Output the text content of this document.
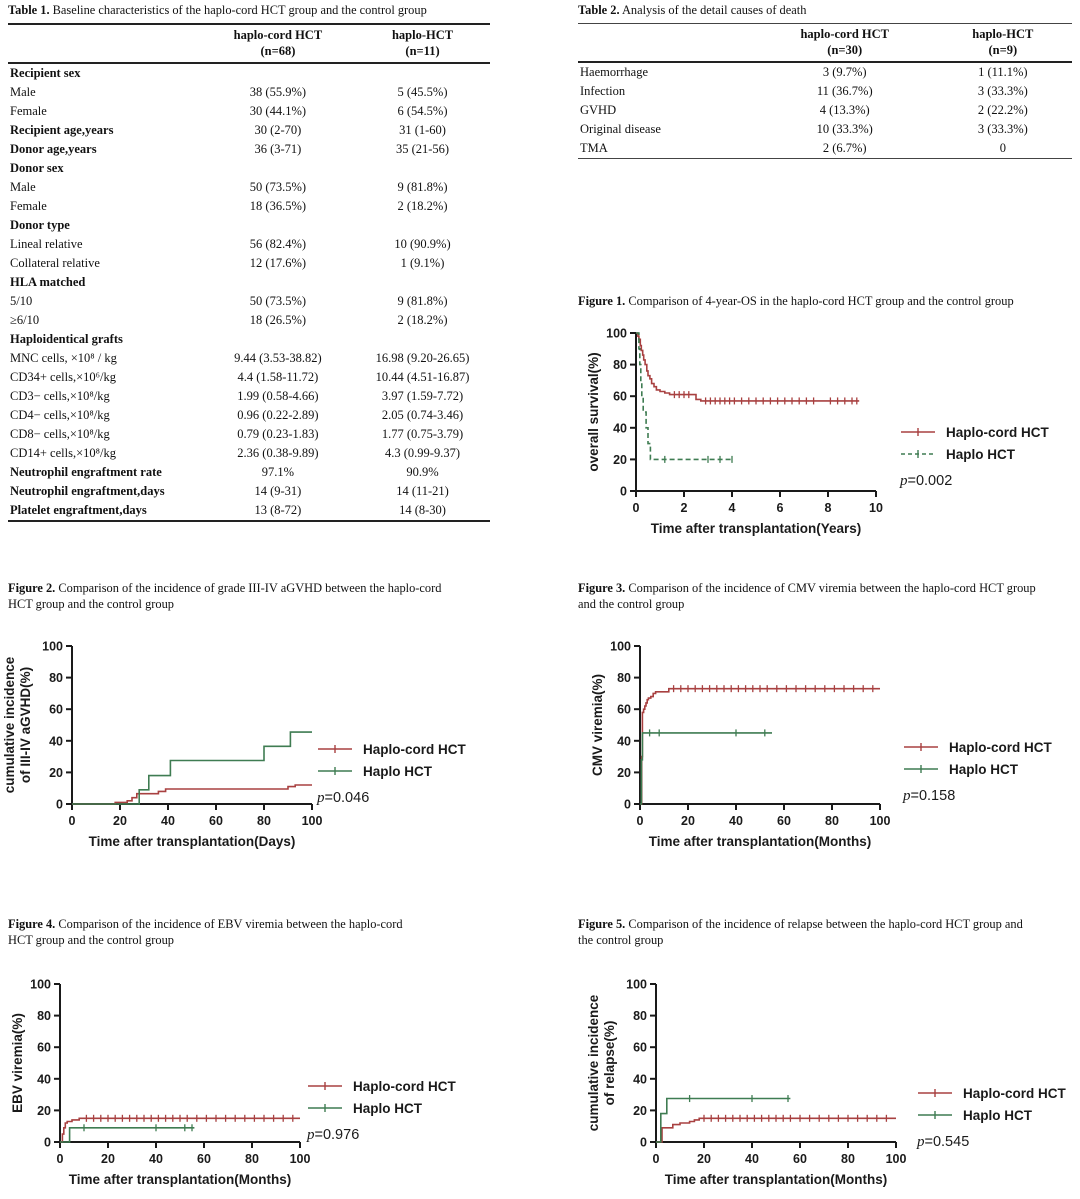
Table 1. Baseline characteristics of the haplo-cord HCT group and the control group

haplo-cord HCT
(n=68)

haplo-HCT
(n=11)

Recipient sex		
Male	38 (55.9%)	5 (45.5%)
Female	30 (44.1%)	6 (54.5%)
Recipient age,years	30 (2-70)	31 (1-60)
Donor age,years	36 (3-71)	35 (21-56)
Donor sex		
Male	50 (73.5%)	9 (81.8%)
Female	18 (36.5%)	2 (18.2%)
Donor type		
Lineal relative	56 (82.4%)	10 (90.9%)
Collateral relative	12 (17.6%)	1 (9.1%)
HLA matched		
5/10	50 (73.5%)	9 (81.8%)
≥6/10	18 (26.5%)	2 (18.2%)
Haploidentical grafts		
MNC cells, ×10⁸ / kg	9.44 (3.53-38.82)	16.98 (9.20-26.65)
CD34+ cells,×10⁶/kg	4.4 (1.58-11.72)	10.44 (4.51-16.87)
CD3− cells,×10⁸/kg	1.99 (0.58-4.66)	3.97 (1.59-7.72)
CD4− cells,×10⁸/kg	0.96 (0.22-2.89)	2.05 (0.74-3.46)
CD8− cells,×10⁸/kg	0.79 (0.23-1.83)	1.77 (0.75-3.79)
CD14+ cells,×10⁸/kg	2.36 (0.38-9.89)	4.3 (0.99-9.37)
Neutrophil engraftment rate	97.1%	90.9%
Neutrophil engraftment,days	14 (9-31)	14 (11-21)
Platelet engraftment,days	13 (8-72)	14 (8-30)

Table 2. Analysis of the detail causes of death

haplo-cord HCT
(n=30)

haplo-HCT
(n=9)

Haemorrhage	3 (9.7%)	1 (11.1%)
Infection	11 (36.7%)	3 (33.3%)
GVHD	4 (13.3%)	2 (22.2%)
Original disease	10 (33.3%)	3 (33.3%)
TMA	2 (6.7%)	0

Figure 1. Comparison of 4-year-OS in the haplo-cord HCT group and the control group

0
20
40
60
80
100
0	2	4	6	8	10
Time after transplantation(Years)
overall survival(%)	Haplo-cord HCT
Haplo HCT
p=0.002

Figure 2. Comparison of the incidence of grade III-IV aGVHD between the haplo-cord HCT group and the control group

0
20
40
60
80
100
0	20	40	60	80 100
Time after transplantation(Days)
cumulative incidence of III-IV aGVHD(%)	Haplo-cord HCT
Haplo HCT
p=0.046

Figure 3. Comparison of the incidence of CMV viremia between the haplo-cord HCT group and the control group

0
20
40
60
80
100
0	20	40	60	80 100
Time after transplantation(Months)
CMV viremia(%)	Haplo-cord HCT
Haplo HCT
p=0.158

Figure 4. Comparison of the incidence of EBV viremia between the haplo-cord HCT group and the control group

0
20
40
60
80
100
0	20	40	60	80 100
Time after transplantation(Months)
EBV viremia(%)	Haplo-cord HCT
Haplo HCT
p=0.976

Figure 5. Comparison of the incidence of relapse between the haplo-cord HCT group and the control group

0
20
40
60
80
100
0	20	40	60	80 100
Time after transplantation(Months)
cumulative incidence of relapse(%)	Haplo-cord HCT
Haplo HCT
p=0.545
